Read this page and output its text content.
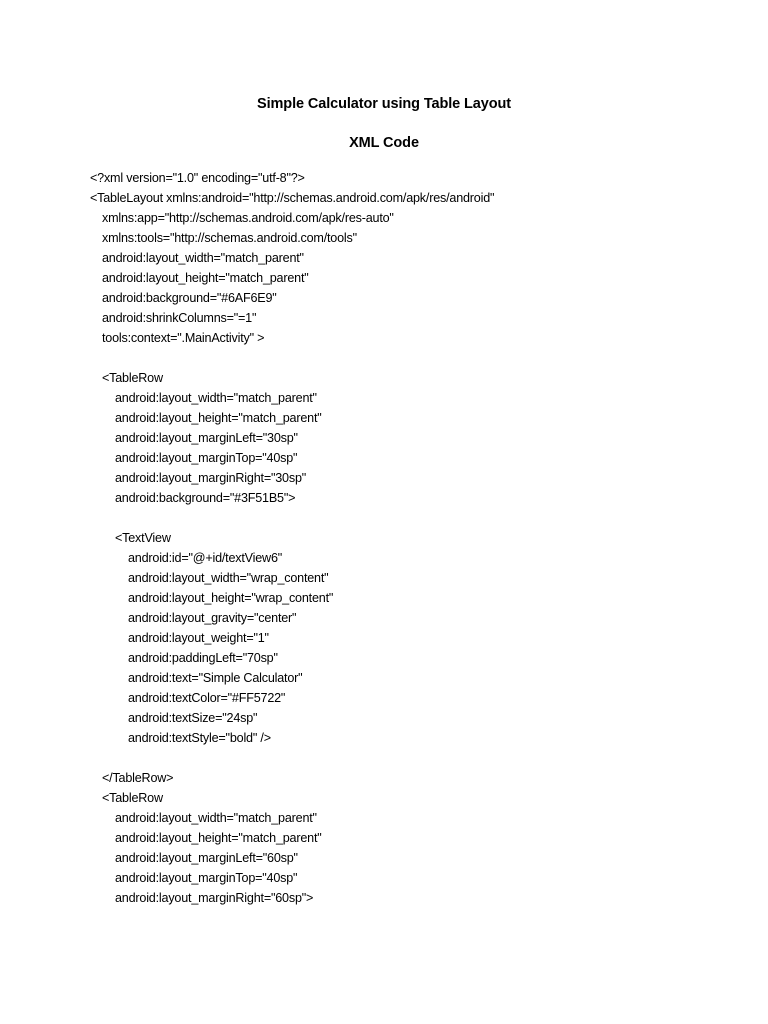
Simple Calculator using Table Layout
XML Code
<?xml version="1.0" encoding="utf-8"?>
<TableLayout xmlns:android="http://schemas.android.com/apk/res/android"
xmlns:app="http://schemas.android.com/apk/res-auto"
xmlns:tools="http://schemas.android.com/tools"
android:layout_width="match_parent"
android:layout_height="match_parent"
android:background="#6AF6E9"
android:shrinkColumns="=1"
tools:context=".MainActivity" >
<TableRow
android:layout_width="match_parent"
android:layout_height="match_parent"
android:layout_marginLeft="30sp"
android:layout_marginTop="40sp"
android:layout_marginRight="30sp"
android:background="#3F51B5">
<TextView
android:id="@+id/textView6"
android:layout_width="wrap_content"
android:layout_height="wrap_content"
android:layout_gravity="center"
android:layout_weight="1"
android:paddingLeft="70sp"
android:text="Simple Calculator"
android:textColor="#FF5722"
android:textSize="24sp"
android:textStyle="bold" />
</TableRow>
<TableRow
android:layout_width="match_parent"
android:layout_height="match_parent"
android:layout_marginLeft="60sp"
android:layout_marginTop="40sp"
android:layout_marginRight="60sp">
